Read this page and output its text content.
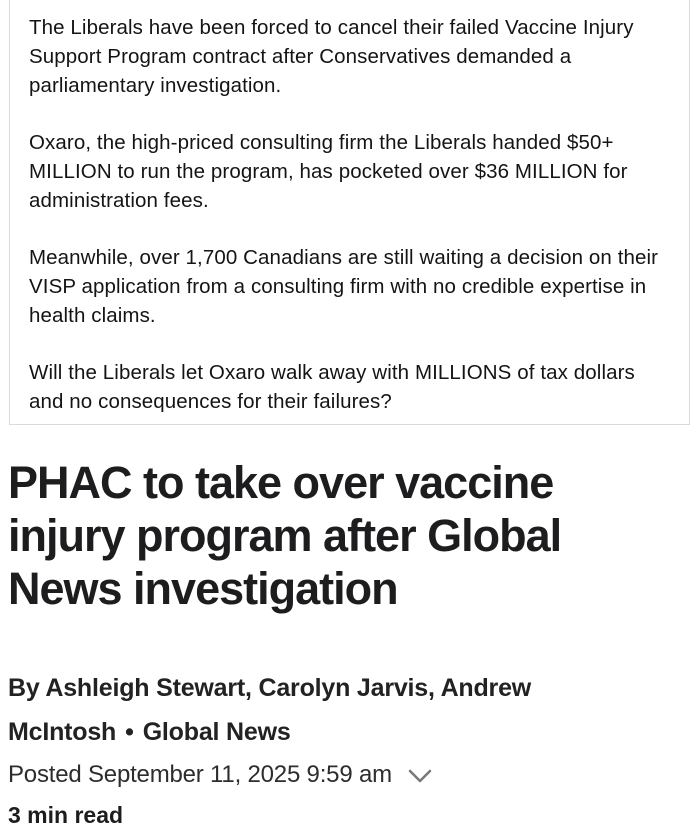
The Liberals have been forced to cancel their failed Vaccine Injury Support Program contract after Conservatives demanded a parliamentary investigation.

Oxaro, the high-priced consulting firm the Liberals handed $50+ MILLION to run the program, has pocketed over $36 MILLION for administration fees.

Meanwhile, over 1,700 Canadians are still waiting a decision on their VISP application from a consulting firm with no credible expertise in health claims.

Will the Liberals let Oxaro walk away with MILLIONS of tax dollars and no consequences for their failures?

PHAC to take over vaccine injury program after Global News investigation
By Ashleigh Stewart, Carolyn Jarvis, Andrew McIntosh • Global News
Posted September 11, 2025 9:59 am
3 min read
